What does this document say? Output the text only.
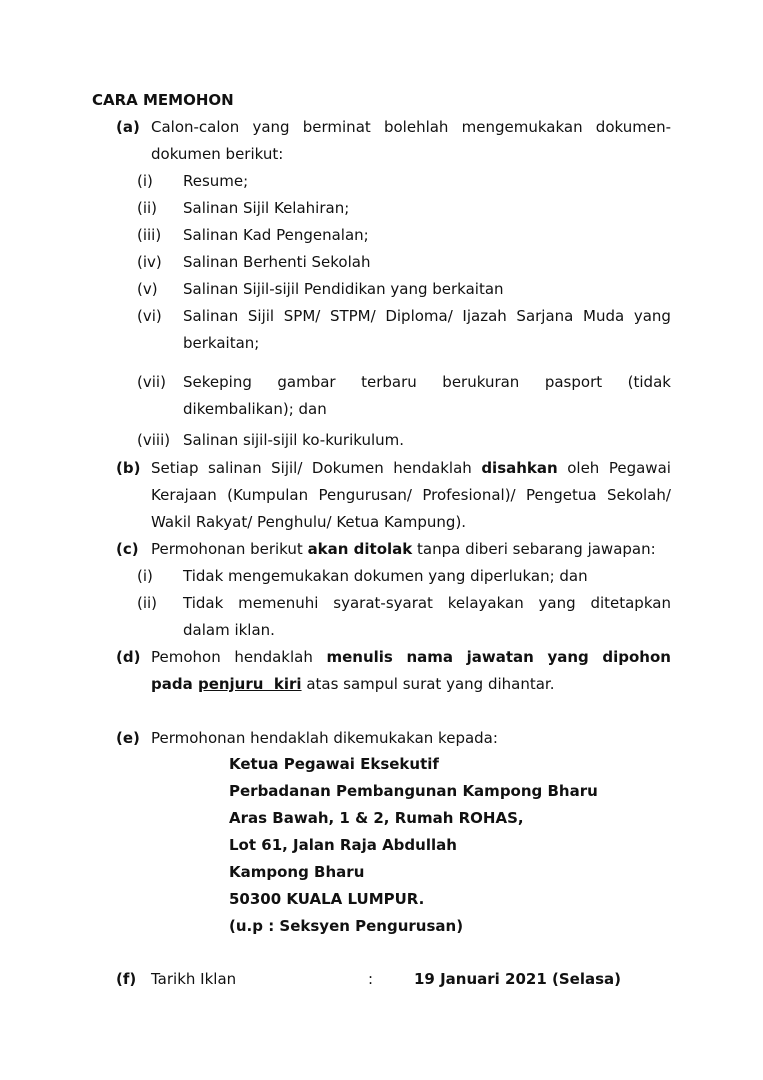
CARA MEMOHON
(a) Calon-calon yang berminat bolehlah mengemukakan dokumen-
dokumen berikut:
(i) Resume;
(ii) Salinan Sijil Kelahiran;
(iii) Salinan Kad Pengenalan;
(iv) Salinan Berhenti Sekolah
(v) Salinan Sijil-sijil Pendidikan yang berkaitan
(vi) Salinan Sijil SPM/ STPM/ Diploma/ Ijazah Sarjana Muda yang
berkaitan;
(vii) Sekeping gambar terbaru berukuran pasport (tidak
dikembalikan); dan
(viii) Salinan sijil-sijil ko-kurikulum.
(b) Setiap salinan Sijil/ Dokumen hendaklah disahkan oleh Pegawai
Kerajaan (Kumpulan Pengurusan/ Profesional)/ Pengetua Sekolah/
Wakil Rakyat/ Penghulu/ Ketua Kampung).
(c) Permohonan berikut akan ditolak tanpa diberi sebarang jawapan:
(i) Tidak mengemukakan dokumen yang diperlukan; dan
(ii) Tidak memenuhi syarat-syarat kelayakan yang ditetapkan
dalam iklan.
(d) Pemohon hendaklah menulis nama jawatan yang dipohon
pada penjuru  kiri atas sampul surat yang dihantar.
(e) Permohonan hendaklah dikemukakan kepada:
Ketua Pegawai Eksekutif
Perbadanan Pembangunan Kampong Bharu
Aras Bawah, 1 & 2, Rumah ROHAS,
Lot 61, Jalan Raja Abdullah
Kampong Bharu
50300 KUALA LUMPUR.
(u.p : Seksyen Pengurusan)
(f) Tarikh Iklan	:	19 Januari 2021 (Selasa)
